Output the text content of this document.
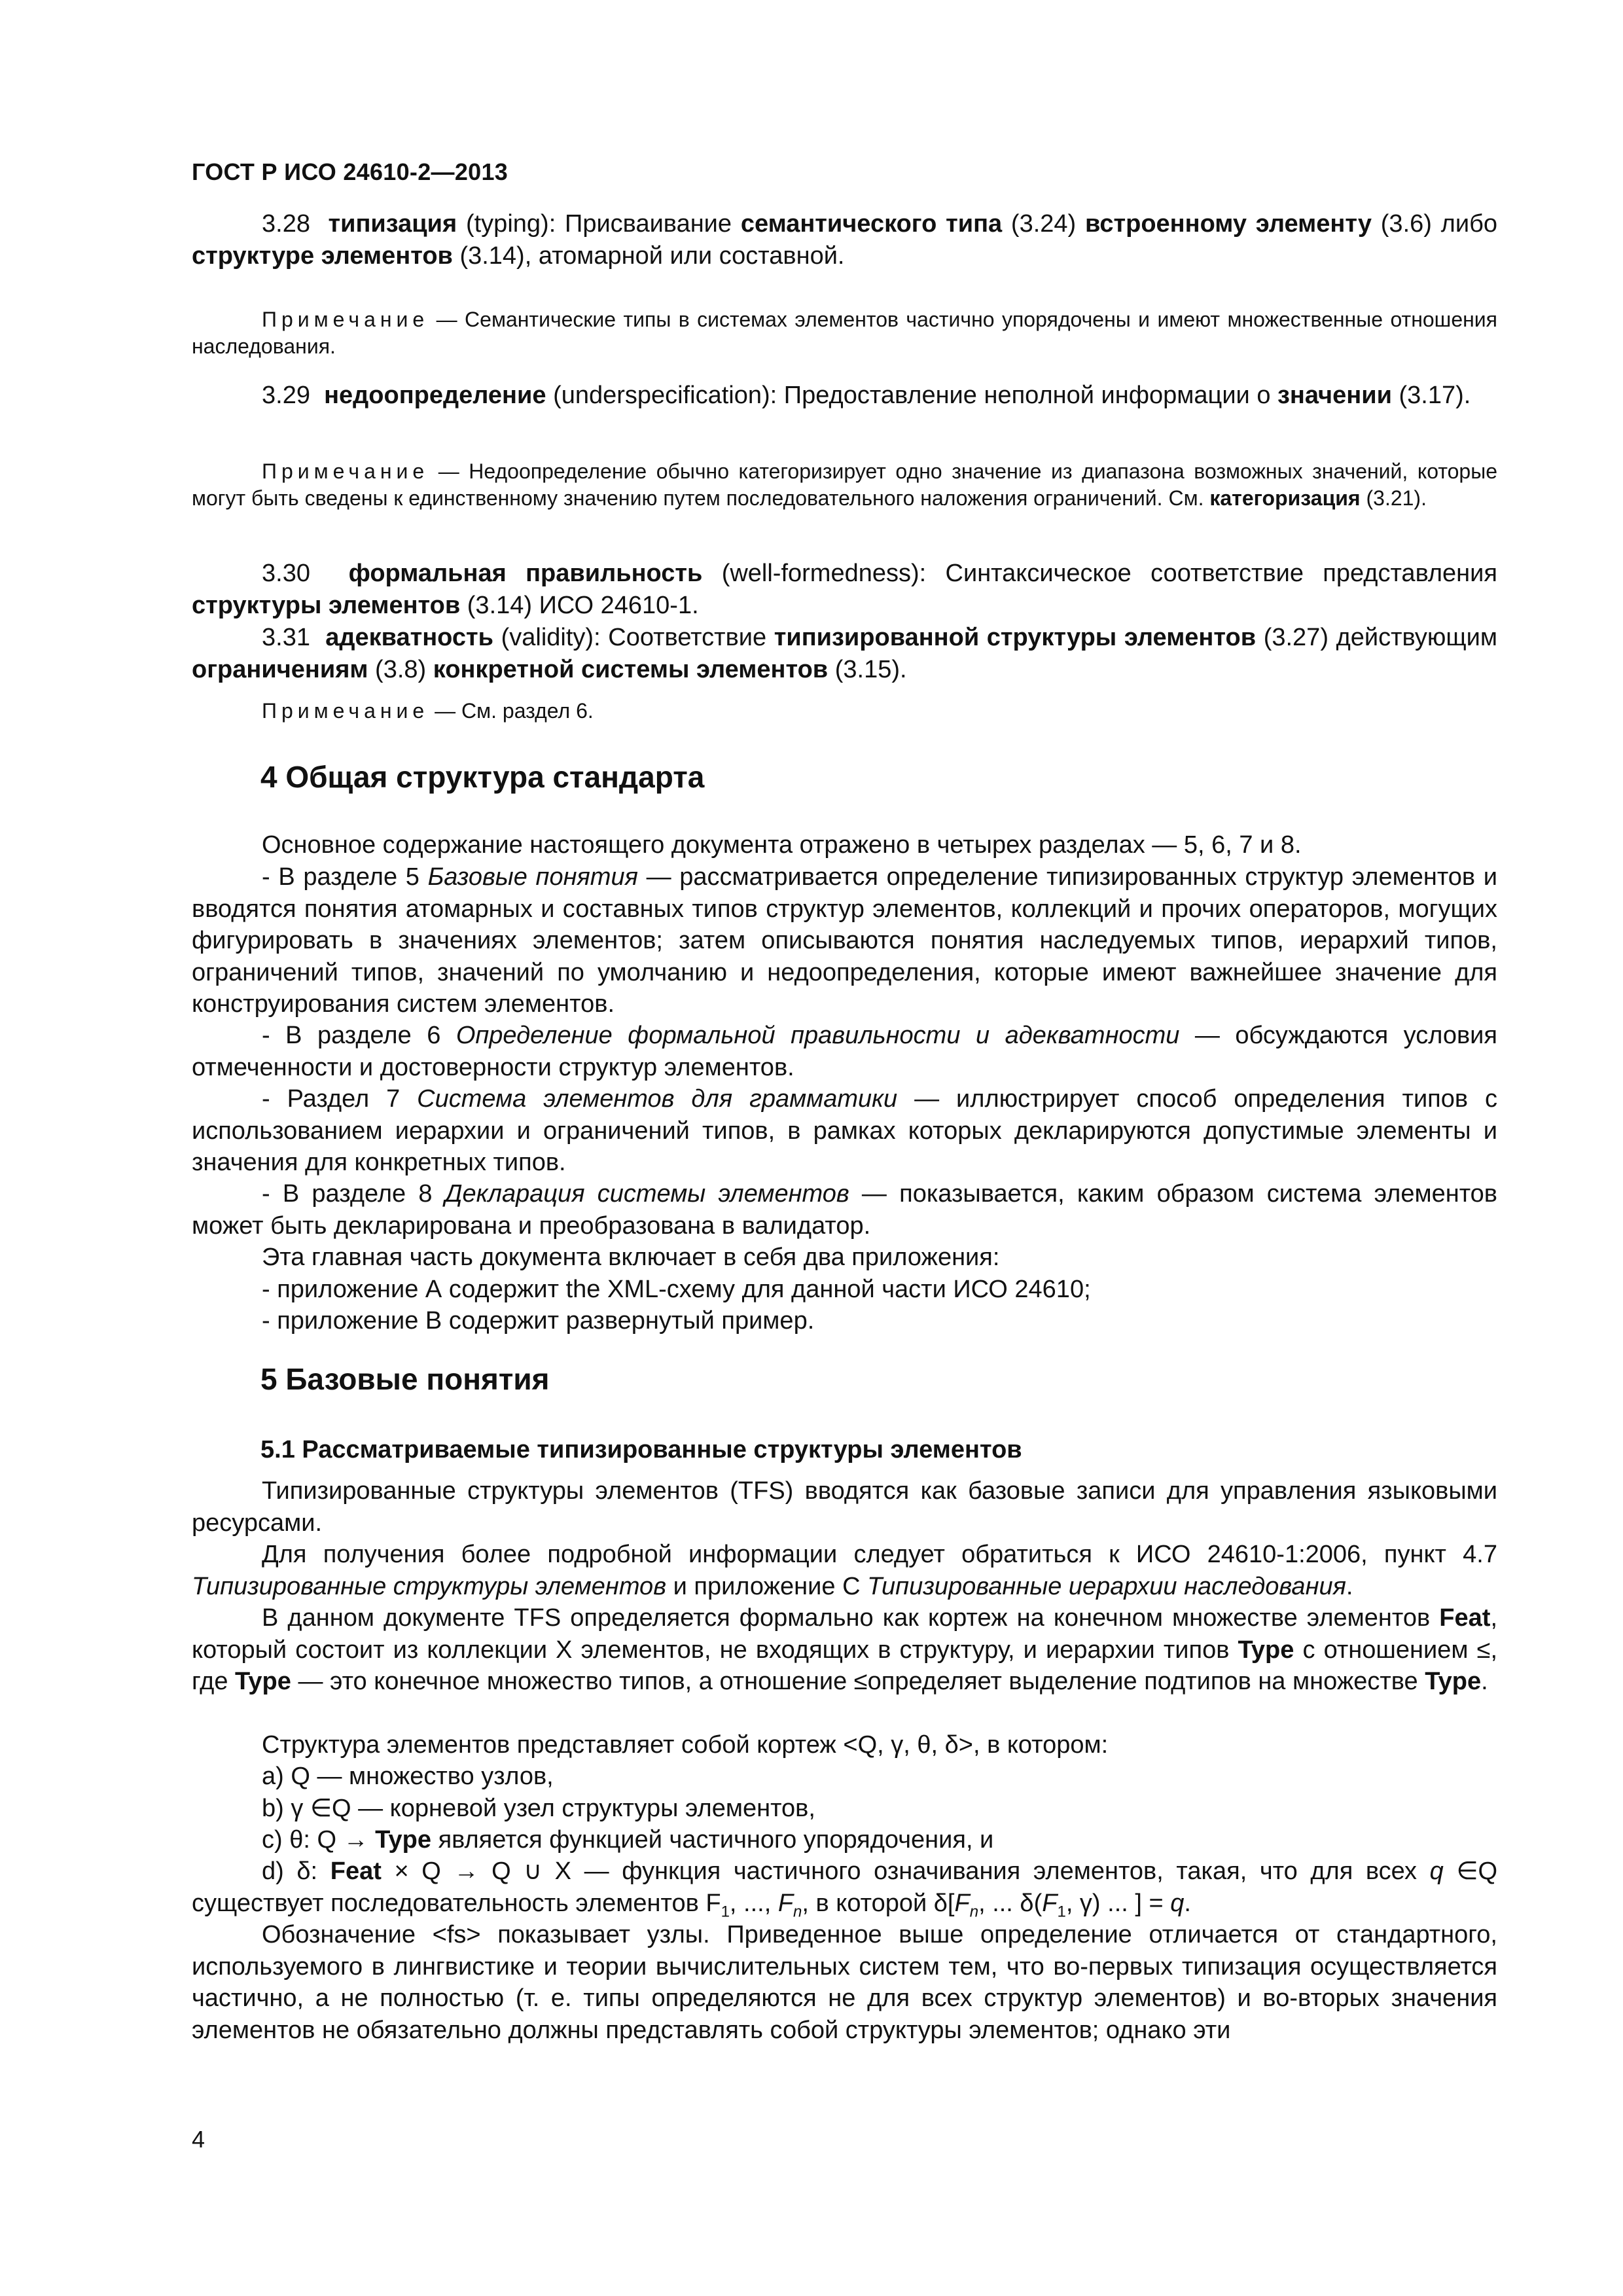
ГОСТ Р ИСО 24610-2—2013
3.28 типизация (typing): Присваивание семантического типа (3.24) встроенному элементу (3.6) либо структуре элементов (3.14), атомарной или составной.
Примечание — Семантические типы в системах элементов частично упорядочены и имеют множественные отношения наследования.
3.29 недоопределение (underspecification): Предоставление неполной информации о значении (3.17).
Примечание — Недоопределение обычно категоризирует одно значение из диапазона возможных значений, которые могут быть сведены к единственному значению путем последовательного наложения ограничений. См. категоризация (3.21).
3.30 формальная правильность (well-formedness): Синтаксическое соответствие представления структуры элементов (3.14) ИСО 24610-1.
3.31 адекватность (validity): Соответствие типизированной структуры элементов (3.27) действующим ограничениям (3.8) конкретной системы элементов (3.15).
Примечание — См. раздел 6.
4 Общая структура стандарта
Основное содержание настоящего документа отражено в четырех разделах — 5, 6, 7 и 8.
- В разделе 5 Базовые понятия — рассматривается определение типизированных структур элементов и вводятся понятия атомарных и составных типов структур элементов, коллекций и прочих операторов, могущих фигурировать в значениях элементов; затем описываются понятия наследуемых типов, иерархий типов, ограничений типов, значений по умолчанию и недоопределения, которые имеют важнейшее значение для конструирования систем элементов.
- В разделе 6 Определение формальной правильности и адекватности — обсуждаются условия отмеченности и достоверности структур элементов.
- Раздел 7 Система элементов для грамматики — иллюстрирует способ определения типов с использованием иерархии и ограничений типов, в рамках которых декларируются допустимые элементы и значения для конкретных типов.
- В разделе 8 Декларация системы элементов — показывается, каким образом система элементов может быть декларирована и преобразована в валидатор.
Эта главная часть документа включает в себя два приложения:
- приложение А содержит the XML-схему для данной части ИСО 24610;
- приложение В содержит развернутый пример.
5 Базовые понятия
5.1 Рассматриваемые типизированные структуры элементов
Типизированные структуры элементов (TFS) вводятся как базовые записи для управления языковыми ресурсами.
Для получения более подробной информации следует обратиться к ИСО 24610-1:2006, пункт 4.7 Типизированные структуры элементов и приложение С Типизированные иерархии наследования.
В данном документе TFS определяется формально как кортеж на конечном множестве элементов Feat, который состоит из коллекции X элементов, не входящих в структуру, и иерархии типов Type с отношением ≤, где Type — это конечное множество типов, а отношение ≤определяет выделение подтипов на множестве Type.
Структура элементов представляет собой кортеж <Q, γ, θ, δ>, в котором:
а) Q — множество узлов,
b) γ ∈Q — корневой узел структуры элементов,
c) θ: Q → Type является функцией частичного упорядочения, и
d) δ: Feat × Q → Q ∪ X — функция частичного означивания элементов, такая, что для всех q ∈Q существует последовательность элементов $F_1$, ..., $F_n$, в которой $\delta[F_n$, ... $\delta(F_1$, γ) ... ] = q.
Обозначение <fs> показывает узлы. Приведенное выше определение отличается от стандартного, используемого в лингвистике и теории вычислительных систем тем, что во-первых типизация осуществляется частично, а не полностью (т. е. типы определяются не для всех структур элементов) и во-вторых значения элементов не обязательно должны представлять собой структуры элементов; однако эти
4
